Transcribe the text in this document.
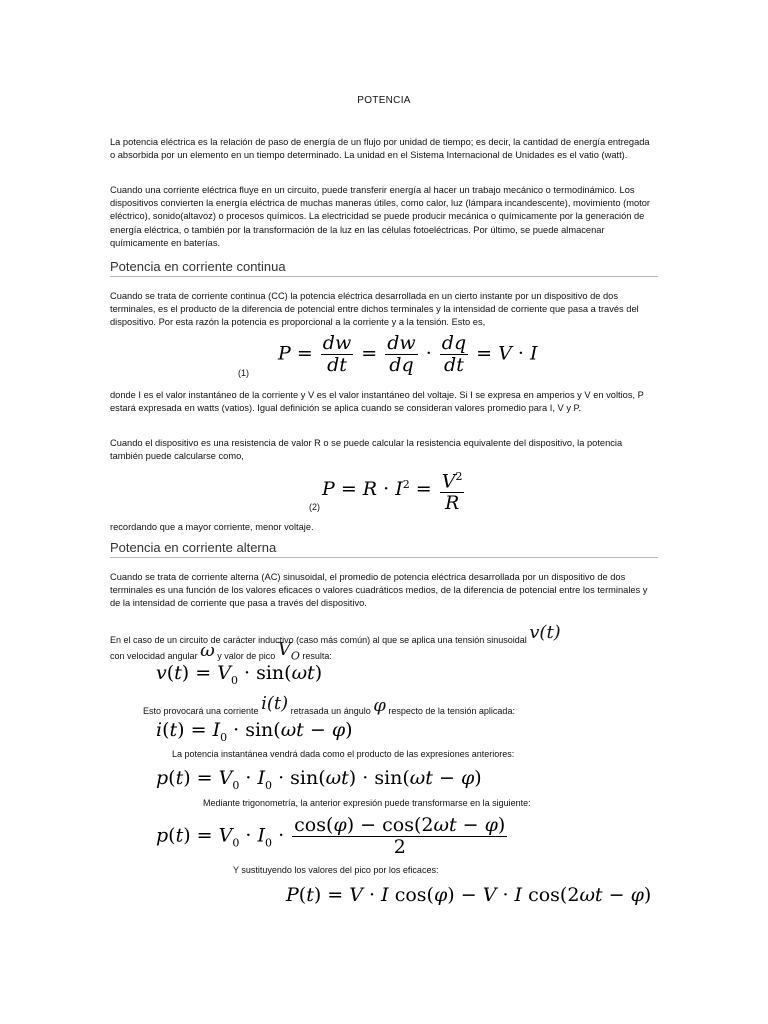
POTENCIA

La potencia eléctrica es la relación de paso de energía de un flujo por unidad de tiempo; es decir, la cantidad de energía entregada o absorbida por un elemento en un tiempo determinado. La unidad en el Sistema Internacional de Unidades es el vatio (watt).

Cuando una corriente eléctrica fluye en un circuito, puede transferir energía al hacer un trabajo mecánico o termodinámico. Los dispositivos convierten la energía eléctrica de muchas maneras útiles, como calor, luz (lámpara incandescente), movimiento (motor eléctrico), sonido(altavoz) o procesos químicos. La electricidad se puede producir mecánica o químicamente por la generación de energía eléctrica, o también por la transformación de la luz en las células fotoeléctricas. Por último, se puede almacenar químicamente en baterías.

Potencia en corriente continua

Cuando se trata de corriente continua (CC) la potencia eléctrica desarrollada en un cierto instante por un dispositivo de dos terminales, es el producto de la diferencia de potencial entre dichos terminales y la intensidad de corriente que pasa a través del dispositivo. Por esta razón la potencia es proporcional a la corriente y a la tensión. Esto es,

(1)
$P = \frac{dw}{dt} = \frac{dw}{dq} \cdot \frac{dq}{dt} = V \cdot I$

donde I es el valor instantáneo de la corriente y V es el valor instantáneo del voltaje. Si I se expresa en amperios y V en voltios, P estará expresada en watts (vatios). Igual definición se aplica cuando se consideran valores promedio para I, V y P.

Cuando el dispositivo es una resistencia de valor R o se puede calcular la resistencia equivalente del dispositivo, la potencia también puede calcularse como,

(2)
$P = R \cdot I^2 = \frac{V^2}{R}$

recordando que a mayor corriente, menor voltaje.

Potencia en corriente alterna

Cuando se trata de corriente alterna (AC) sinusoidal, el promedio de potencia eléctrica desarrollada por un dispositivo de dos terminales es una función de los valores eficaces o valores cuadráticos medios, de la diferencia de potencial entre los terminales y de la intensidad de corriente que pasa a través del dispositivo.

En el caso de un circuito de carácter inductivo (caso más común) al que se aplica una tensión sinusoidal v(t)
con velocidad angular ω y valor de pico $V_O$ resulta:
$v(t) = V_0 \cdot \sin(\omega t)$
Esto provocará una corriente i(t) retrasada un ángulo φ respecto de la tensión aplicada:
$i(t) = I_0 \cdot \sin(\omega t - \varphi)$
La potencia instantánea vendrá dada como el producto de las expresiones anteriores:
$p(t) = V_0 \cdot I_0 \cdot \sin(\omega t) \cdot \sin(\omega t - \varphi)$
Mediante trigonometría, la anterior expresión puede transformarse en la siguiente:
$p(t) = V_0 \cdot I_0 \cdot \frac{\cos(\varphi) - \cos(2\omega t - \varphi)}{2}$
Y sustituyendo los valores del pico por los eficaces:
P(t) = V · I cos(φ) − V · I cos(2ωt − φ)
